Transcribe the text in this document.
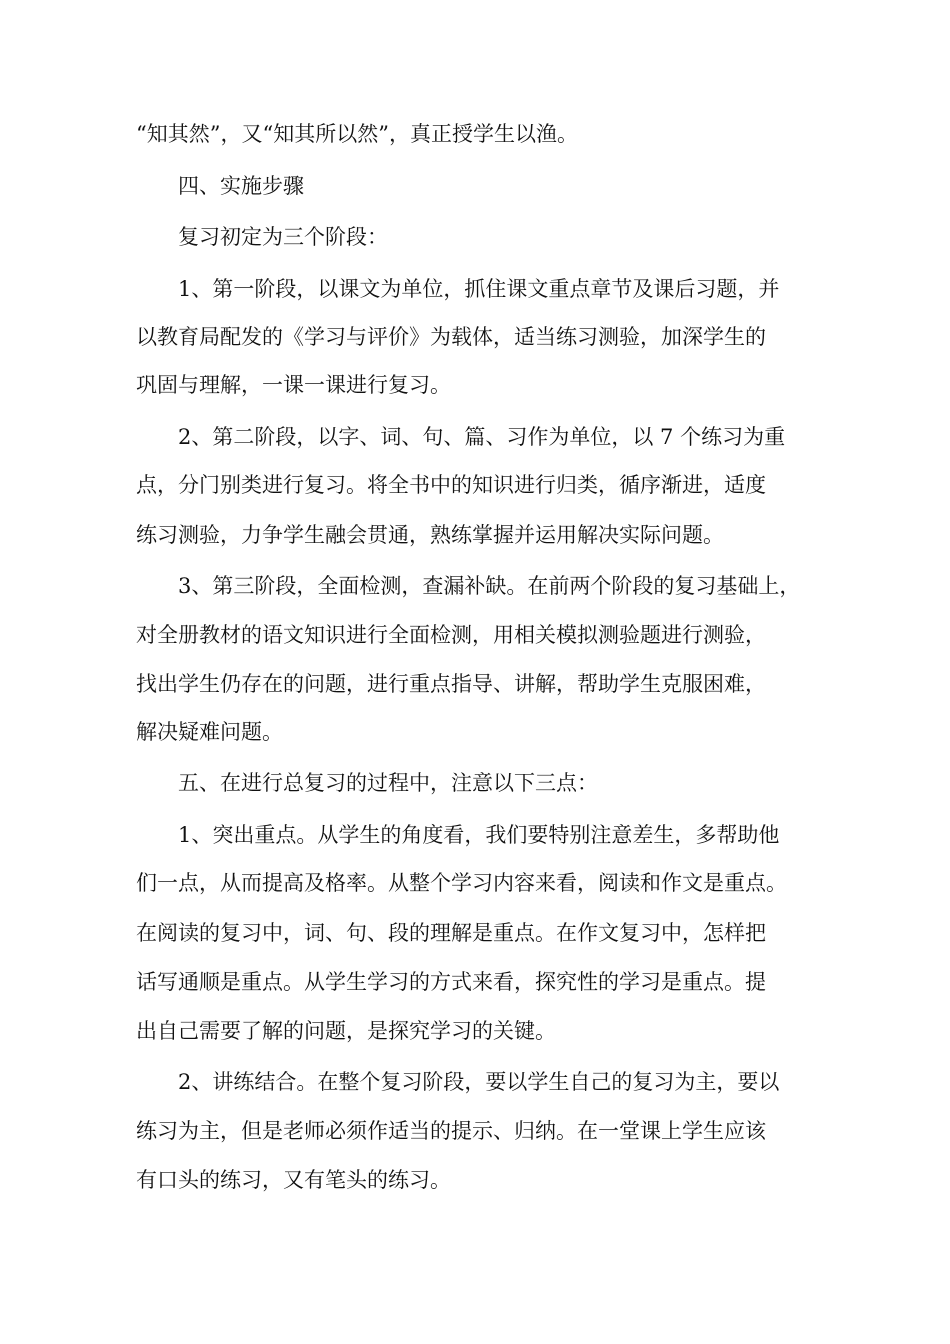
“知其然”，又“知其所以然”，真正授学生以渔。
四、实施步骤
复习初定为三个阶段：
1、第一阶段，以课文为单位，抓住课文重点章节及课后习题，并
以教育局配发的《学习与评价》为载体，适当练习测验，加深学生的
巩固与理解，一课一课进行复习。
2、第二阶段，以字、词、句、篇、习作为单位，以 7 个练习为重
点，分门别类进行复习。将全书中的知识进行归类，循序渐进，适度
练习测验，力争学生融会贯通，熟练掌握并运用解决实际问题。
3、第三阶段，全面检测，查漏补缺。在前两个阶段的复习基础上，
对全册教材的语文知识进行全面检测，用相关模拟测验题进行测验，
找出学生仍存在的问题，进行重点指导、讲解，帮助学生克服困难，
解决疑难问题。
五、在进行总复习的过程中，注意以下三点：
1、突出重点。从学生的角度看，我们要特别注意差生，多帮助他
们一点，从而提高及格率。从整个学习内容来看，阅读和作文是重点。
在阅读的复习中，词、句、段的理解是重点。在作文复习中，怎样把
话写通顺是重点。从学生学习的方式来看，探究性的学习是重点。提
出自己需要了解的问题，是探究学习的关键。
2、讲练结合。在整个复习阶段，要以学生自己的复习为主，要以
练习为主，但是老师必须作适当的提示、归纳。在一堂课上学生应该
有口头的练习，又有笔头的练习。
